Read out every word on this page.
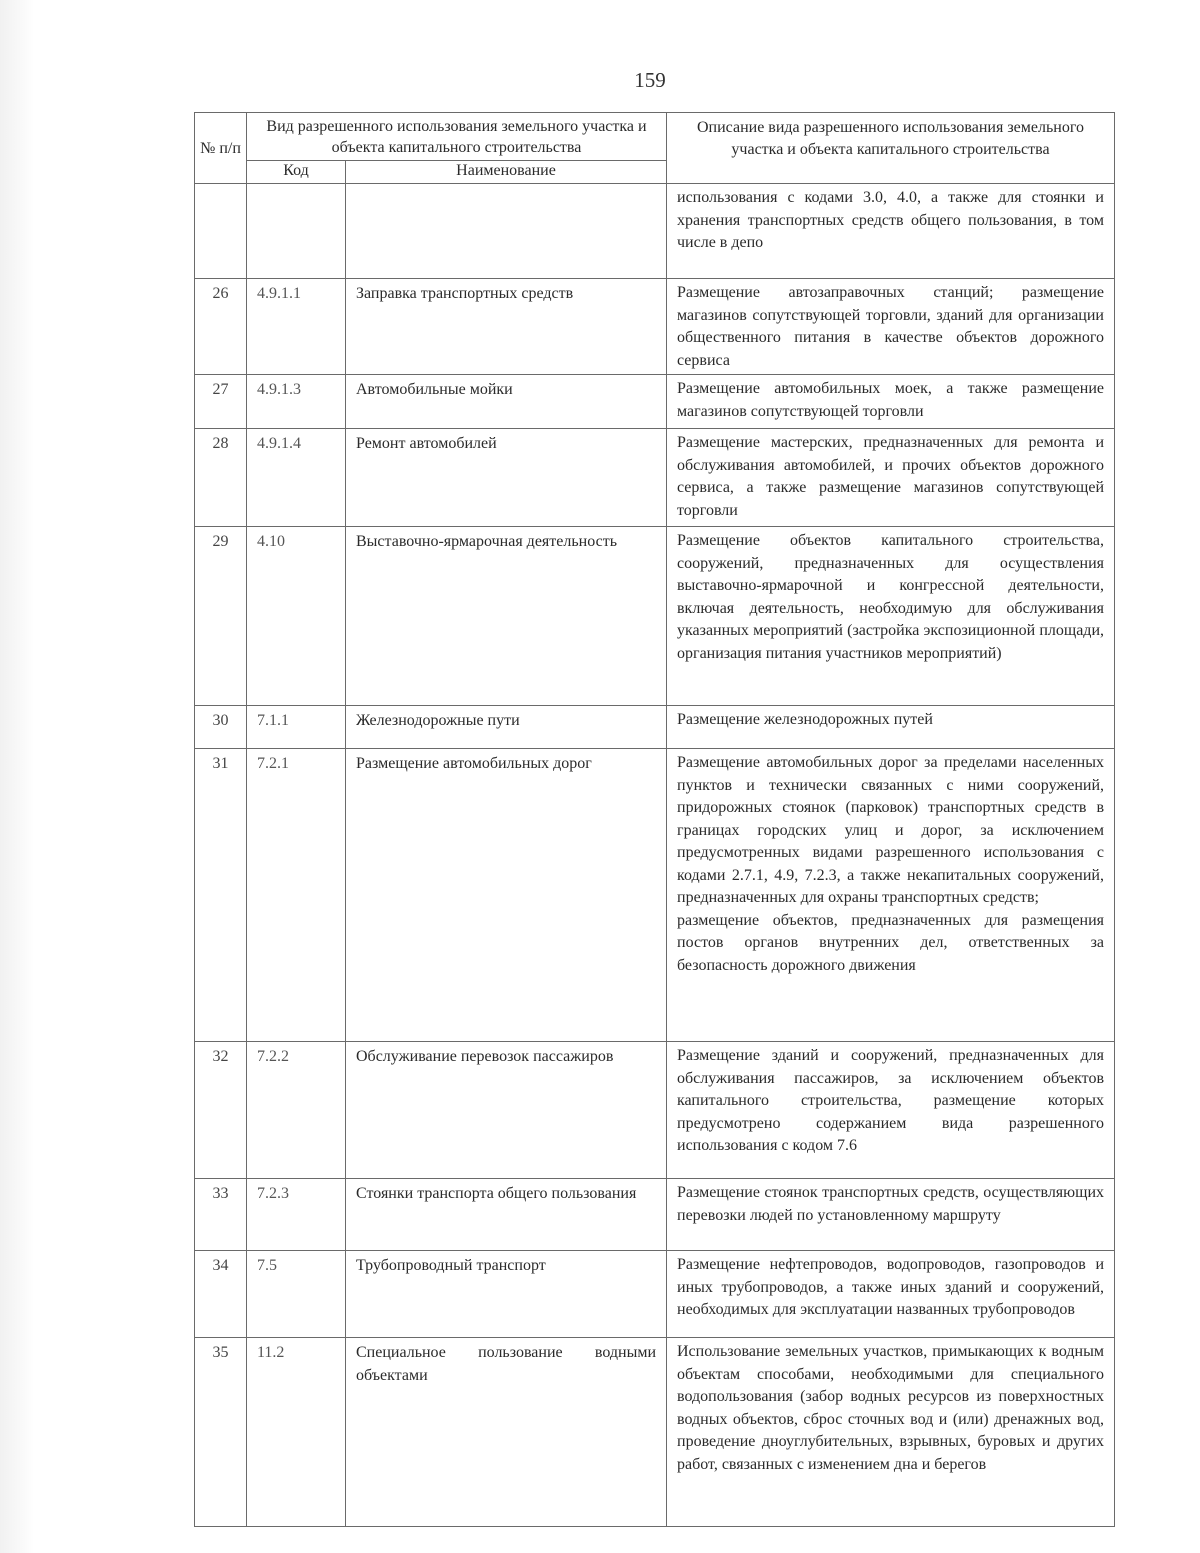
159
№ п/п	Вид разрешенного использования земельного участка и объекта капитального строительства		Описание вида разрешенного использования земельного участка и объекта капитального строительства
	Код	Наименование	

			использования с кодами 3.0, 4.0, а также для стоянки и хранения транспортных средств общего пользования, в том числе в депо

26	4.9.1.1	Заправка транспортных средств	Размещение автозаправочных станций; размещение магазинов сопутствующей торговли, зданий для организации общественного питания в качестве объектов дорожного сервиса

27	4.9.1.3	Автомобильные мойки	Размещение автомобильных моек, а также размещение магазинов сопутствующей торговли

28	4.9.1.4	Ремонт автомобилей	Размещение мастерских, предназначенных для ремонта и обслуживания автомобилей, и прочих объектов дорожного сервиса, а также размещение магазинов сопутствующей торговли

29	4.10	Выставочно-ярмарочная деятельность	Размещение объектов капитального строительства, сооружений, предназначенных для осуществления выставочно-ярмарочной и конгрессной деятельности, включая деятельность, необходимую для обслуживания указанных мероприятий (застройка экспозиционной площади, организация питания участников мероприятий)

30	7.1.1	Железнодорожные пути	Размещение железнодорожных путей

31	7.2.1	Размещение автомобильных дорог	Размещение автомобильных дорог за пределами населенных пунктов и технически связанных с ними сооружений, придорожных стоянок (парковок) транспортных средств в границах городских улиц и дорог, за исключением предусмотренных видами разрешенного использования с кодами 2.7.1, 4.9, 7.2.3, а также некапитальных сооружений, предназначенных для охраны транспортных средств;

размещение объектов, предназначенных для размещения постов органов внутренних дел, ответственных за безопасность дорожного движения

32	7.2.2	Обслуживание перевозок пассажиров	Размещение зданий и сооружений, предназначенных для обслуживания пассажиров, за исключением объектов капитального строительства, размещение которых предусмотрено содержанием вида разрешенного использования с кодом 7.6

33	7.2.3	Стоянки транспорта общего пользования	Размещение стоянок транспортных средств, осуществляющих перевозки людей по установленному маршруту

34	7.5	Трубопроводный транспорт	Размещение нефтепроводов, водопроводов, газопроводов и иных трубопроводов, а также иных зданий и сооружений, необходимых для эксплуатации названных трубопроводов

35	11.2	Специальное пользование водными объектами	Использование земельных участков, примыкающих к водным объектам способами, необходимыми для специального водопользования (забор водных ресурсов из поверхностных водных объектов, сброс сточных вод и (или) дренажных вод, проведение дноуглубительных, взрывных, буровых и других работ, связанных с изменением дна и берегов
